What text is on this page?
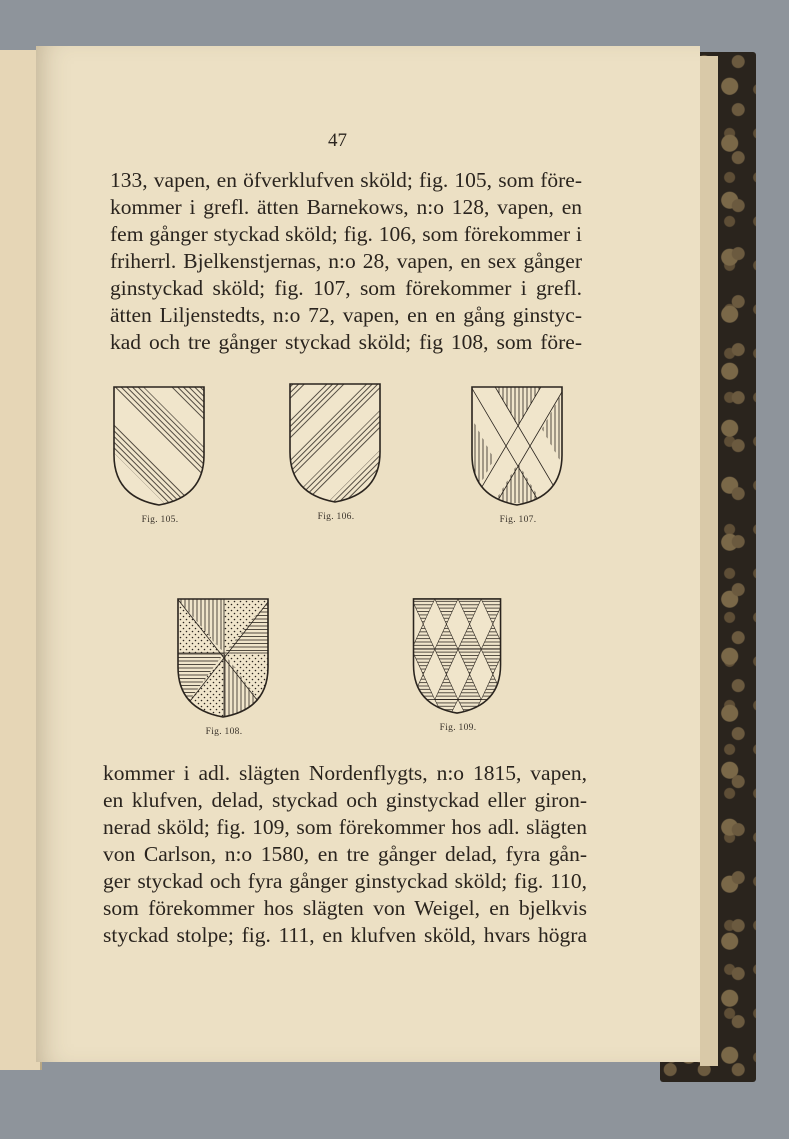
47
133, vapen, en öfverklufven sköld; fig. 105, som före-
kommer i grefl. ätten Barnekows, n:o 128, vapen, en
fem gånger styckad sköld; fig. 106, som förekommer i
friherrl. Bjelkenstjernas, n:o 28, vapen, en sex gånger
ginstyckad sköld; fig. 107, som förekommer i grefl.
ätten Liljenstedts, n:o 72, vapen, en en gång ginstyc-
kad och tre gånger styckad sköld; fig 108, som före-
Fig. 105.	Fig. 106.	Fig. 107.
Fig. 108.	Fig. 109.
kommer i adl. slägten Nordenflygts, n:o 1815, vapen,
en klufven, delad, styckad och ginstyckad eller giron-
nerad sköld; fig. 109, som förekommer hos adl. slägten
von Carlson, n:o 1580, en tre gånger delad, fyra gån-
ger styckad och fyra gånger ginstyckad sköld; fig. 110,
som förekommer hos slägten von Weigel, en bjelkvis
styckad stolpe; fig. 111, en klufven sköld, hvars högra
